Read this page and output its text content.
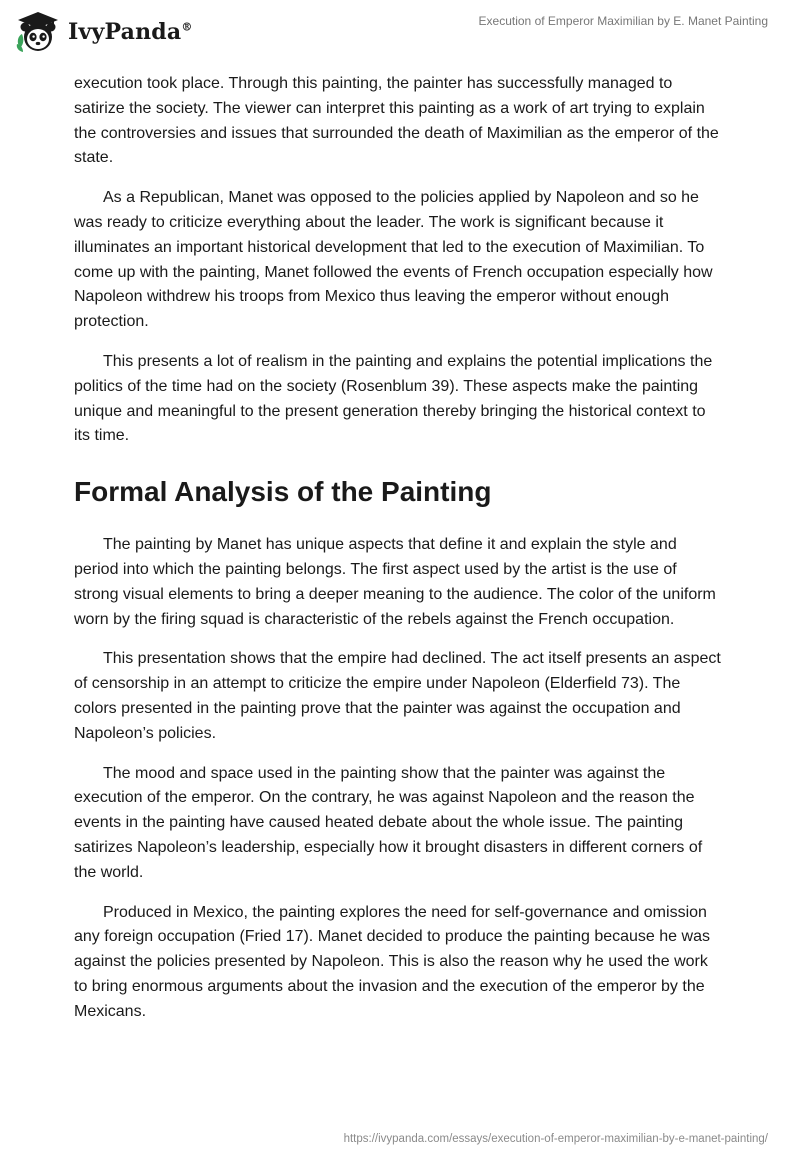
IvyPanda®	Execution of Emperor Maximilian by E. Manet Painting

execution took place. Through this painting, the painter has successfully managed to satirize the society. The viewer can interpret this painting as a work of art trying to explain the controversies and issues that surrounded the death of Maximilian as the emperor of the state.

As a Republican, Manet was opposed to the policies applied by Napoleon and so he was ready to criticize everything about the leader. The work is significant because it illuminates an important historical development that led to the execution of Maximilian. To come up with the painting, Manet followed the events of French occupation especially how Napoleon withdrew his troops from Mexico thus leaving the emperor without enough protection.

This presents a lot of realism in the painting and explains the potential implications the politics of the time had on the society (Rosenblum 39). These aspects make the painting unique and meaningful to the present generation thereby bringing the historical context to its time.

Formal Analysis of the Painting

The painting by Manet has unique aspects that define it and explain the style and period into which the painting belongs. The first aspect used by the artist is the use of strong visual elements to bring a deeper meaning to the audience. The color of the uniform worn by the firing squad is characteristic of the rebels against the French occupation.

This presentation shows that the empire had declined. The act itself presents an aspect of censorship in an attempt to criticize the empire under Napoleon (Elderfield 73). The colors presented in the painting prove that the painter was against the occupation and Napoleon’s policies.

The mood and space used in the painting show that the painter was against the execution of the emperor. On the contrary, he was against Napoleon and the reason the events in the painting have caused heated debate about the whole issue. The painting satirizes Napoleon’s leadership, especially how it brought disasters in different corners of the world.

Produced in Mexico, the painting explores the need for self-governance and omission any foreign occupation (Fried 17). Manet decided to produce the painting because he was against the policies presented by Napoleon. This is also the reason why he used the work to bring enormous arguments about the invasion and the execution of the emperor by the Mexicans.

https://ivypanda.com/essays/execution-of-emperor-maximilian-by-e-manet-painting/
